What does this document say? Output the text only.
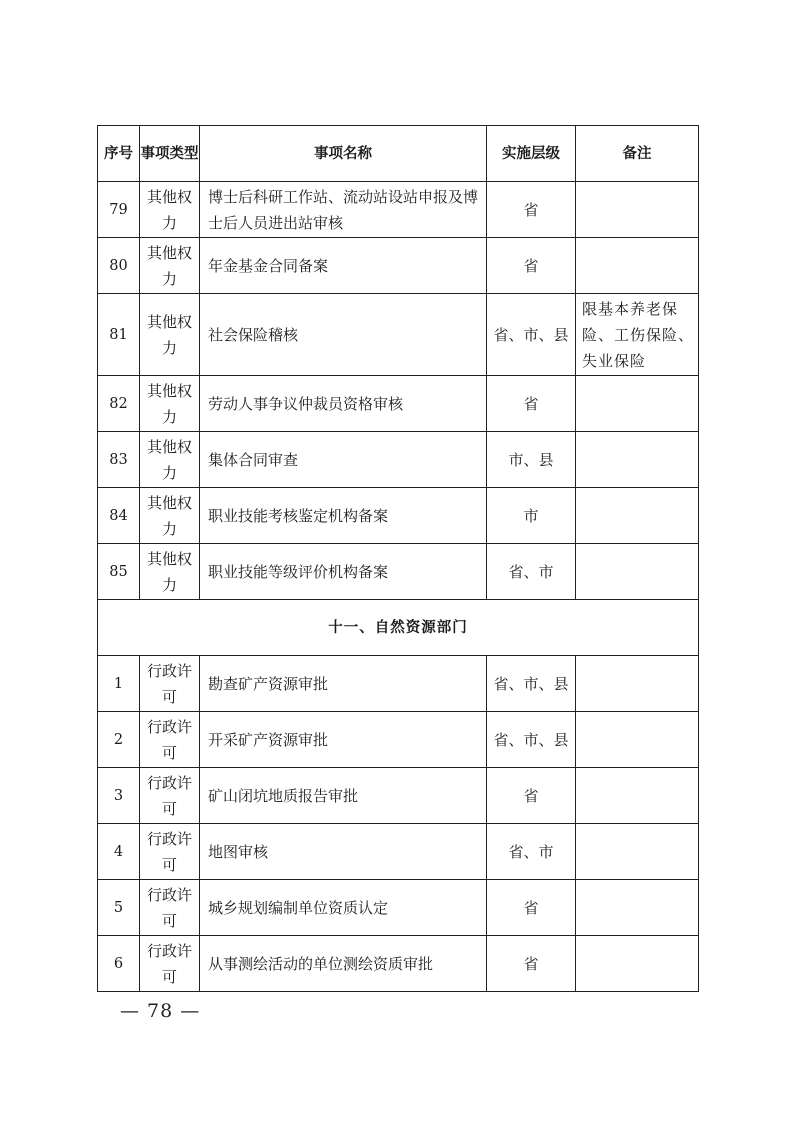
序号	事项类型	事项名称	实施层级	备注
79	其他权力	博士后科研工作站、流动站设站申报及博士后人员进出站审核	省	
80	其他权力	年金基金合同备案	省	
81	其他权力	社会保险稽核	省、市、县	限基本养老保险、工伤保险、失业保险
82	其他权力	劳动人事争议仲裁员资格审核	省	
83	其他权力	集体合同审查	市、县	
84	其他权力	职业技能考核鉴定机构备案	市	
85	其他权力	职业技能等级评价机构备案	省、市	
十一、自然资源部门				
1	行政许可	勘查矿产资源审批	省、市、县	
2	行政许可	开采矿产资源审批	省、市、县	
3	行政许可	矿山闭坑地质报告审批	省	
4	行政许可	地图审核	省、市	
5	行政许可	城乡规划编制单位资质认定	省	
6	行政许可	从事测绘活动的单位测绘资质审批	省	
— 78 —
